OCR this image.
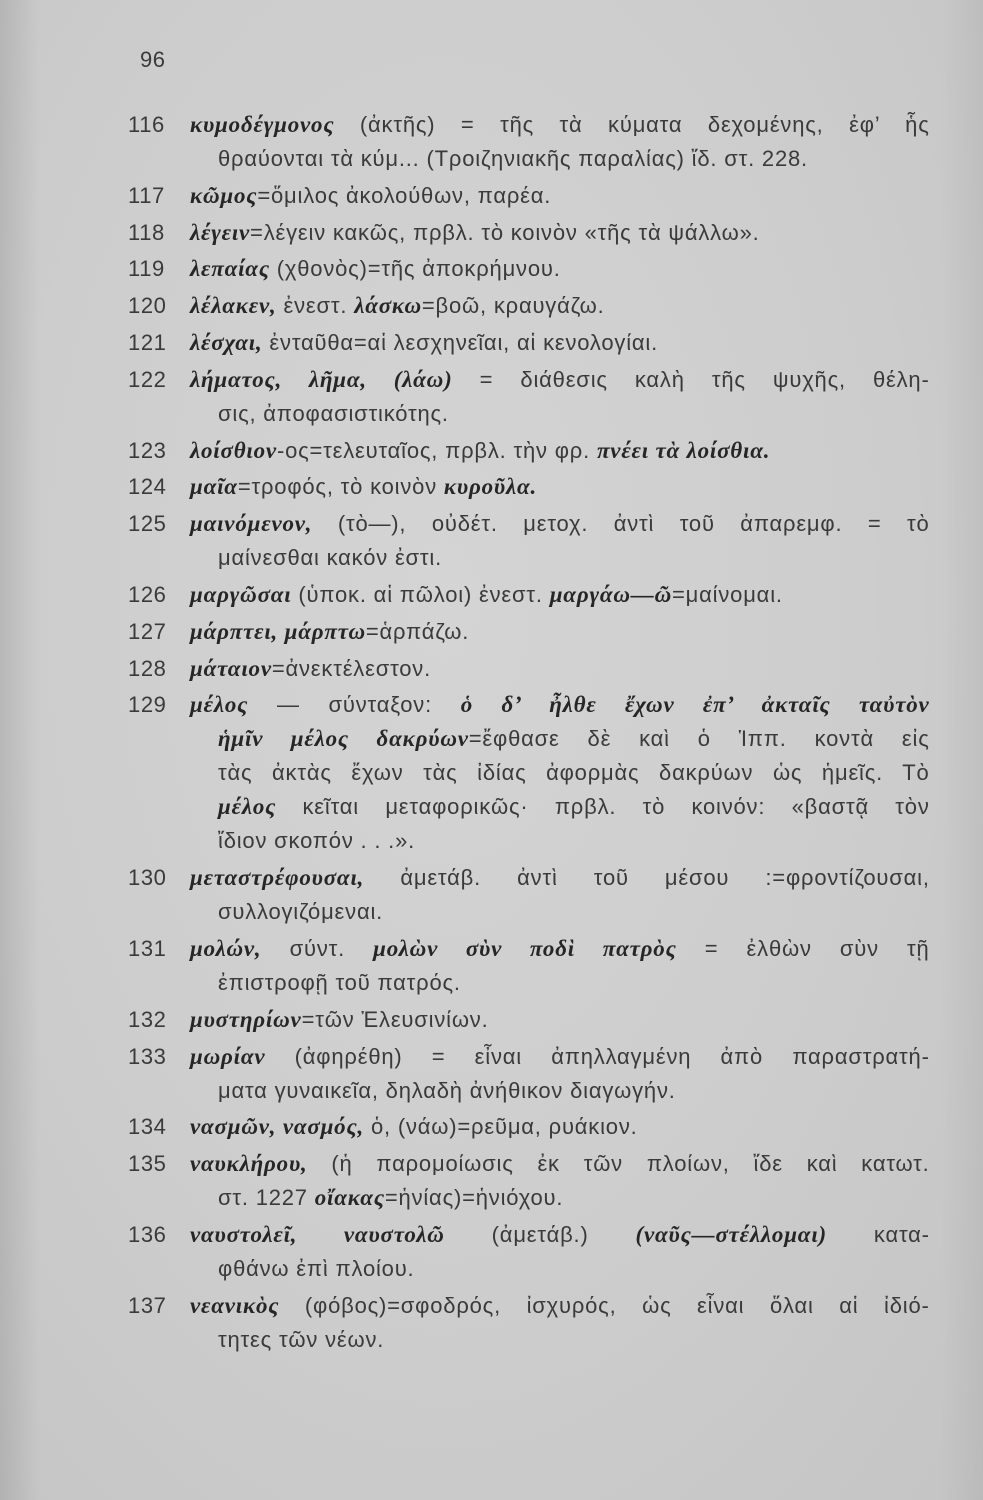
96
116 κυμοδέγμονος (ἀκτῆς) = τῆς τὰ κύματα δεχομένης, ἐφ’ ἧς
θραύονται τὰ κύμ... (Τροιζηνιακῆς παραλίας) ἴδ. στ. 228.
117 κῶμος=ὅμιλος ἀκολούθων, παρέα.
118 λέγειν=λέγειν κακῶς, πρβλ. τὸ κοινὸν «τῆς τὰ ψάλλω».
119 λεπαίας (χθονὸς)=τῆς ἀποκρήμνου.
120 λέλακεν, ἐνεστ. λάσκω=βοῶ, κραυγάζω.
121 λέσχαι, ἐνταῦθα=αἱ λεσχηνεῖαι, αἱ κενολογίαι.
122 λήματος, λῆμα, (λάω) = διάθεσις καλὴ τῆς ψυχῆς, θέλη-
σις, ἀποφασιστικότης.
123 λοίσθιον-ος=τελευταῖος, πρβλ. τὴν φρ. πνέει τὰ λοίσθια.
124 μαῖα=τροφός, τὸ κοινὸν κυροῦλα.
125 μαινόμενον, (τὸ—), οὐδέτ. μετοχ. ἀντὶ τοῦ ἀπαρεμφ. = τὸ
μαίνεσθαι κακόν ἐστι.
126 μαργῶσαι (ὑποκ. αἱ πῶλοι) ἐνεστ. μαργάω—ῶ=μαίνομαι.
127 μάρπτει, μάρπτω=ἁρπάζω.
128 μάταιον=ἀνεκτέλεστον.
129 μέλος — σύνταξον: ὁ δ’ ἦλθε ἔχων ἐπ’ ἀκταῖς ταὐτὸν
ἡμῖν μέλος δακρύων=ἔφθασε δὲ καὶ ὁ Ἱππ. κοντὰ εἰς
τὰς ἀκτὰς ἔχων τὰς ἰδίας ἀφορμὰς δακρύων ὡς ἡμεῖς. Τὸ
μέλος κεῖται μεταφορικῶς· πρβλ. τὸ κοινόν: «βαστᾷ τὸν
ἴδιον σκοπόν . . .».
130 μεταστρέφουσαι, ἀμετάβ. ἀντὶ τοῦ μέσου :=φροντίζουσαι,
συλλογιζόμεναι.
131 μολών, σύντ. μολὼν σὺν ποδὶ πατρὸς = ἐλθὼν σὺν τῇ
ἐπιστροφῇ τοῦ πατρός.
132 μυστηρίων=τῶν Ἐλευσινίων.
133 μωρίαν (ἀφηρέθη) = εἶναι ἀπηλλαγμένη ἀπὸ παραστρατή-
ματα γυναικεῖα, δηλαδὴ ἀνήθικον διαγωγήν.
134 νασμῶν, νασμός, ὁ, (νάω)=ρεῦμα, ρυάκιον.
135 ναυκλήρου, (ἡ παρομοίωσις ἐκ τῶν πλοίων, ἴδε καὶ κατωτ.
στ. 1227 οἴακας=ἡνίας)=ἡνιόχου.
136 ναυστολεῖ, ναυστολῶ (ἀμετάβ.) (ναῦς—στέλλομαι) κατα-
φθάνω ἐπὶ πλοίου.
137 νεανικὸς (φόβος)=σφοδρός, ἰσχυρός, ὡς εἶναι ὅλαι αἱ ἰδιό-
τητες τῶν νέων.
